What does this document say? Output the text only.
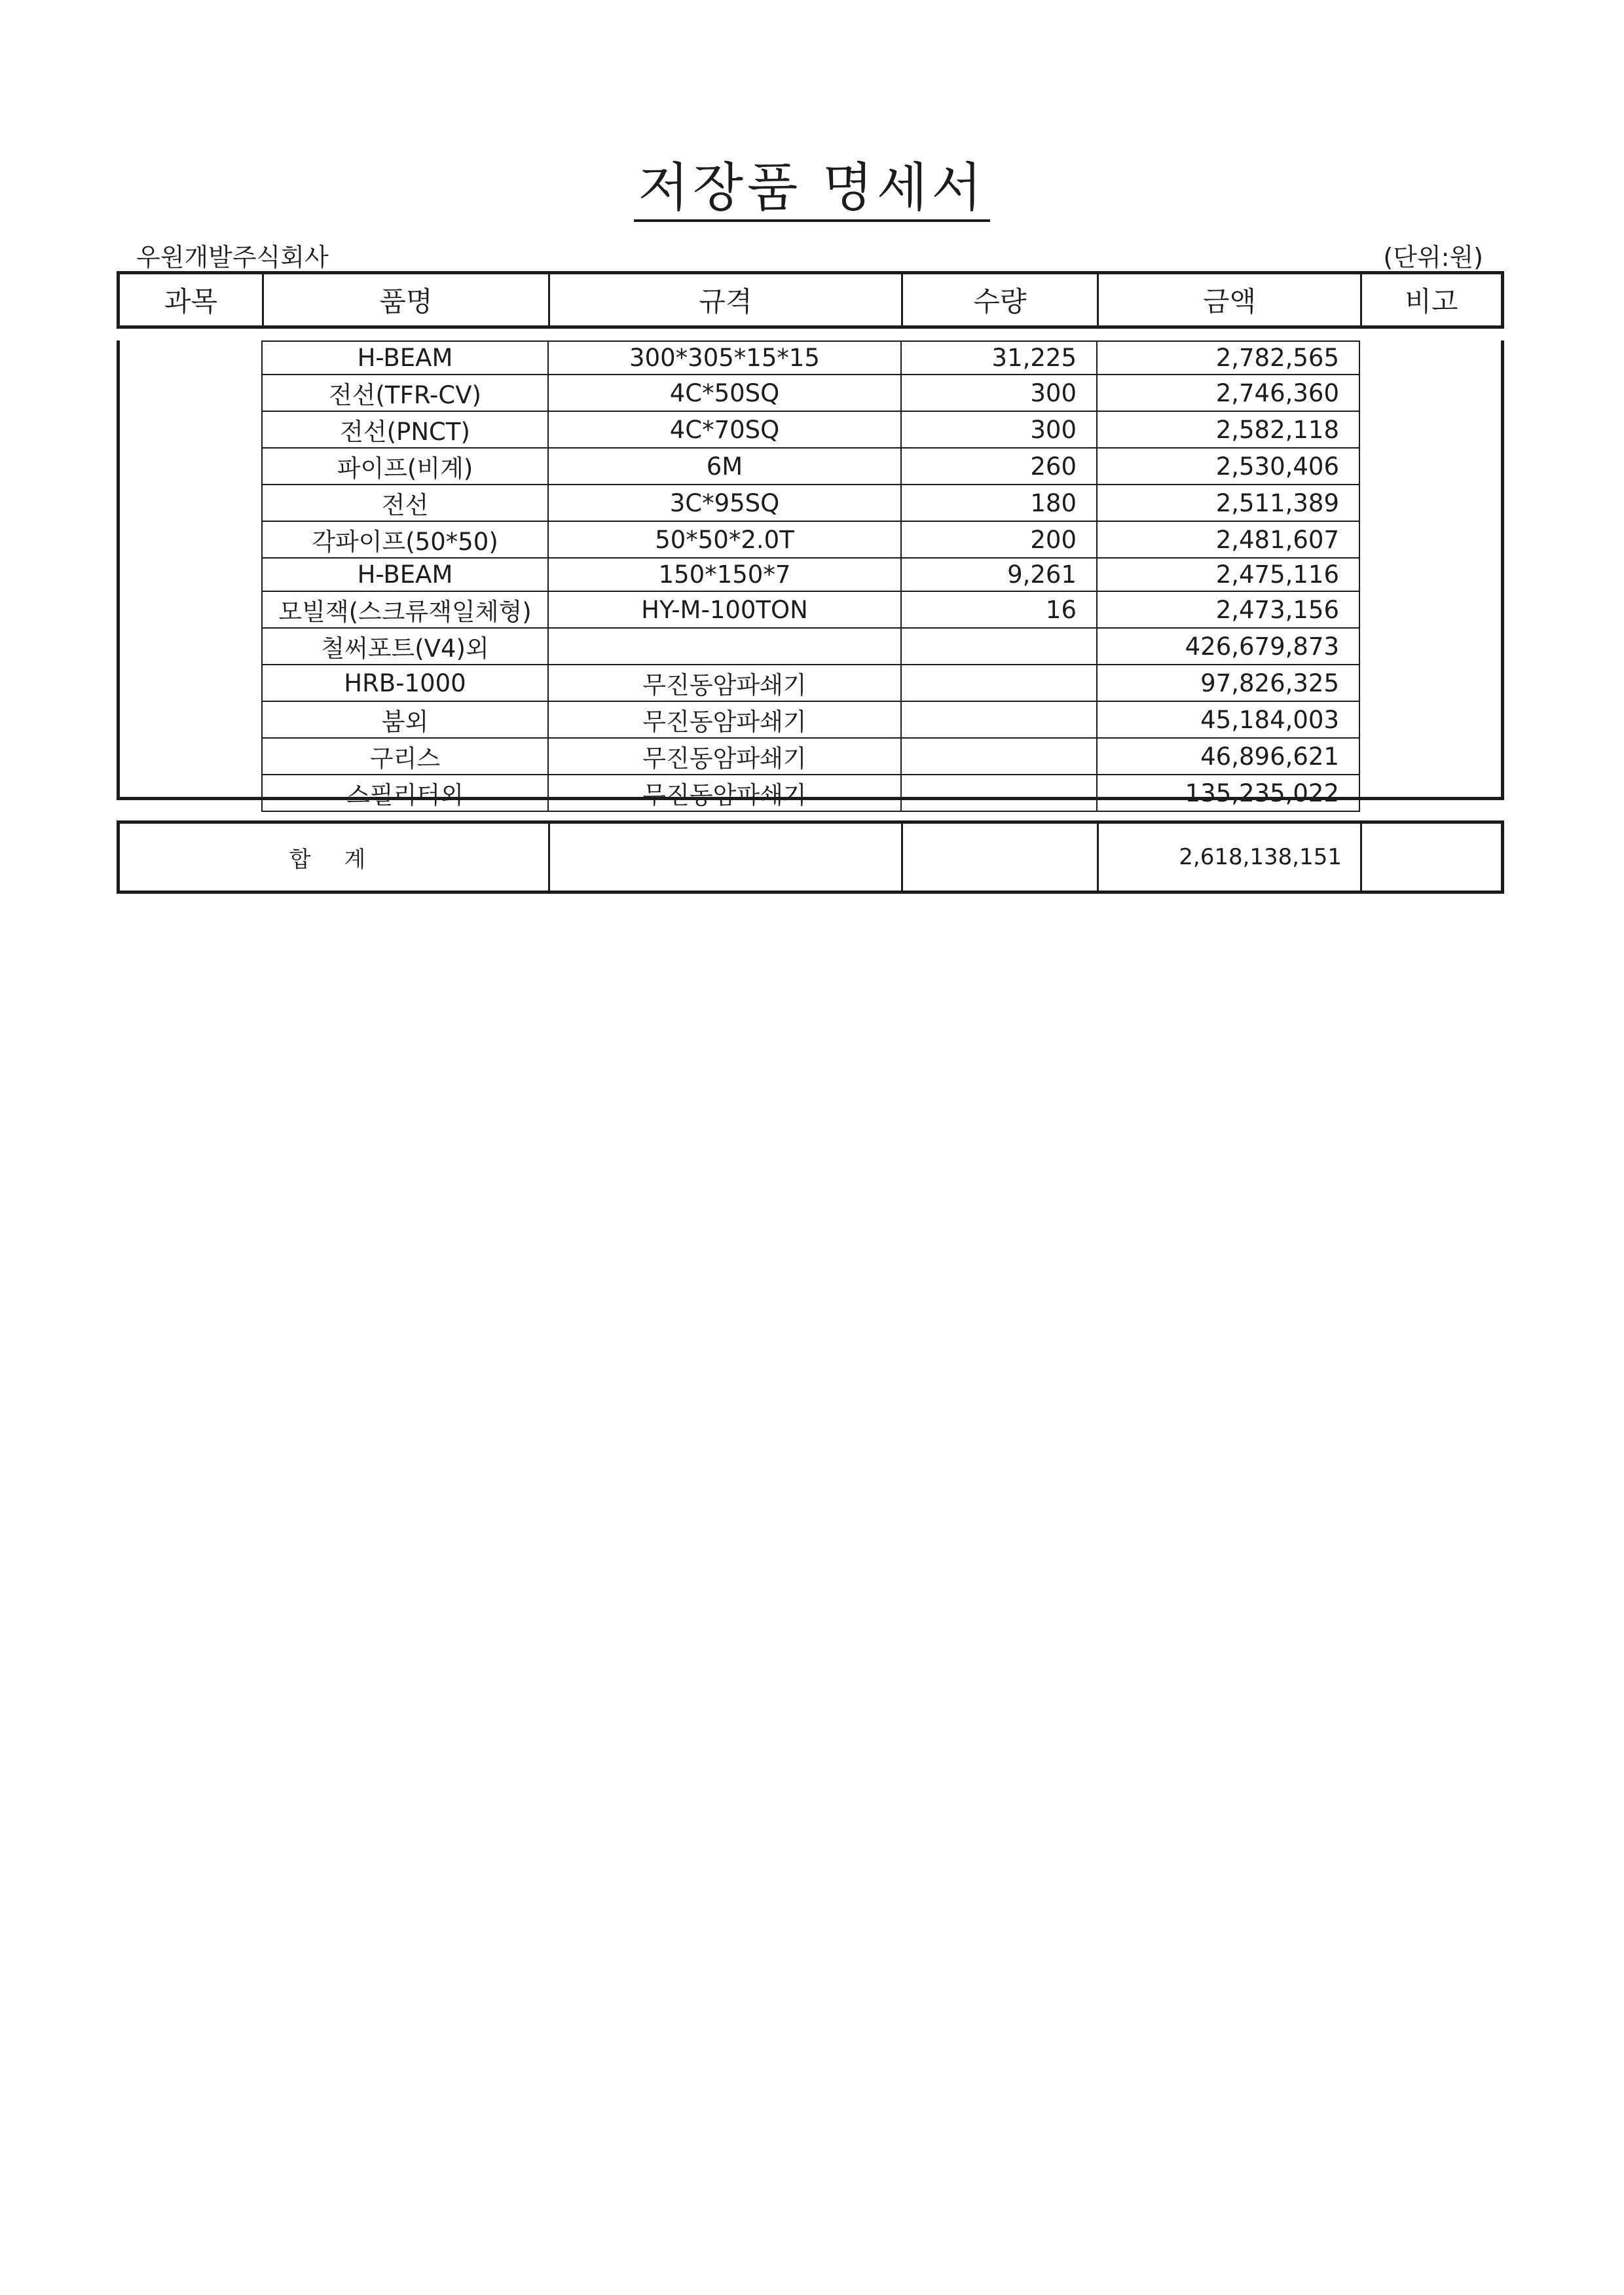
저장품 명세서
우원개발주식회사	(단위:원)
과목	품명	규격	수량	금액	비고
H-BEAM	300*305*15*15	31,225	2,782,565
전선(TFR-CV)	4C*50SQ	300	2,746,360
전선(PNCT)	4C*70SQ	300	2,582,118
파이프(비계)	6M	260	2,530,406
전선	3C*95SQ	180	2,511,389
각파이프(50*50)	50*50*2.0T	200	2,481,607
H-BEAM	150*150*7	9,261	2,475,116
모빌잭(스크류잭일체형)	HY-M-100TON	16	2,473,156
철써포트(V4)외			426,679,873
HRB-1000	무진동암파쇄기		97,826,325
붐외	무진동암파쇄기		45,184,003
구리스	무진동암파쇄기		46,896,621
스필리터외	무진동암파쇄기		135,235,022
합 계			2,618,138,151	
